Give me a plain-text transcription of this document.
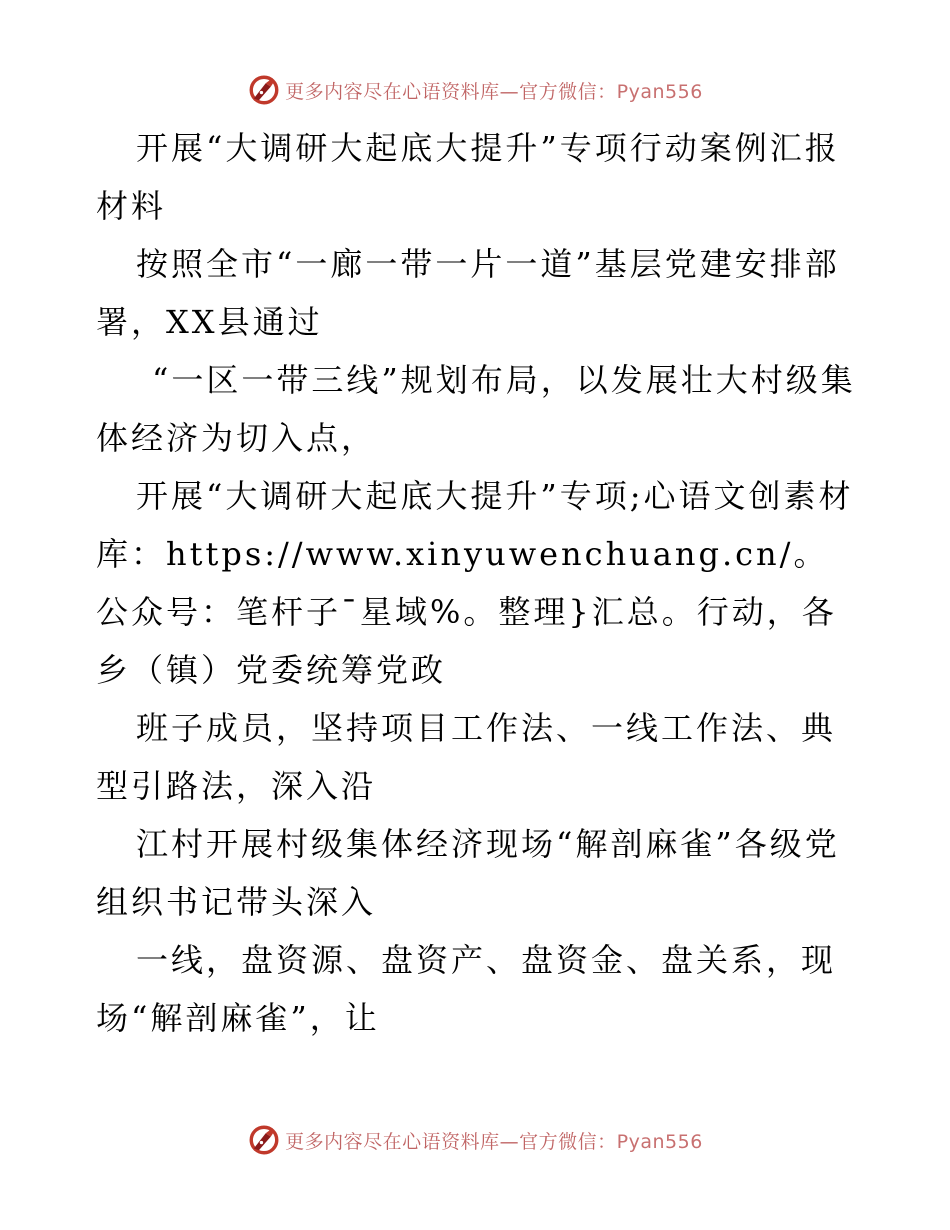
更多内容尽在心语资料库—官方微信：Pyan556

开展“大调研大起底大提升”专项行动案例汇报材料

按照全市“一廊一带一片一道”基层党建安排部署，XX县通过

“一区一带三线”规划布局，以发展壮大村级集体经济为切入点，

开展“大调研大起底大提升”专项;心语文创素材库：https://www.xinyuwenchuang.cn/。公众号：笔杆子¯星域%。整理}汇总。行动，各乡（镇）党委统筹党政

班子成员，坚持项目工作法、一线工作法、典型引路法，深入沿

江村开展村级集体经济现场“解剖麻雀”各级党组织书记带头深入

一线，盘资源、盘资产、盘资金、盘关系，现场“解剖麻雀”，让

更多内容尽在心语资料库—官方微信：Pyan556
